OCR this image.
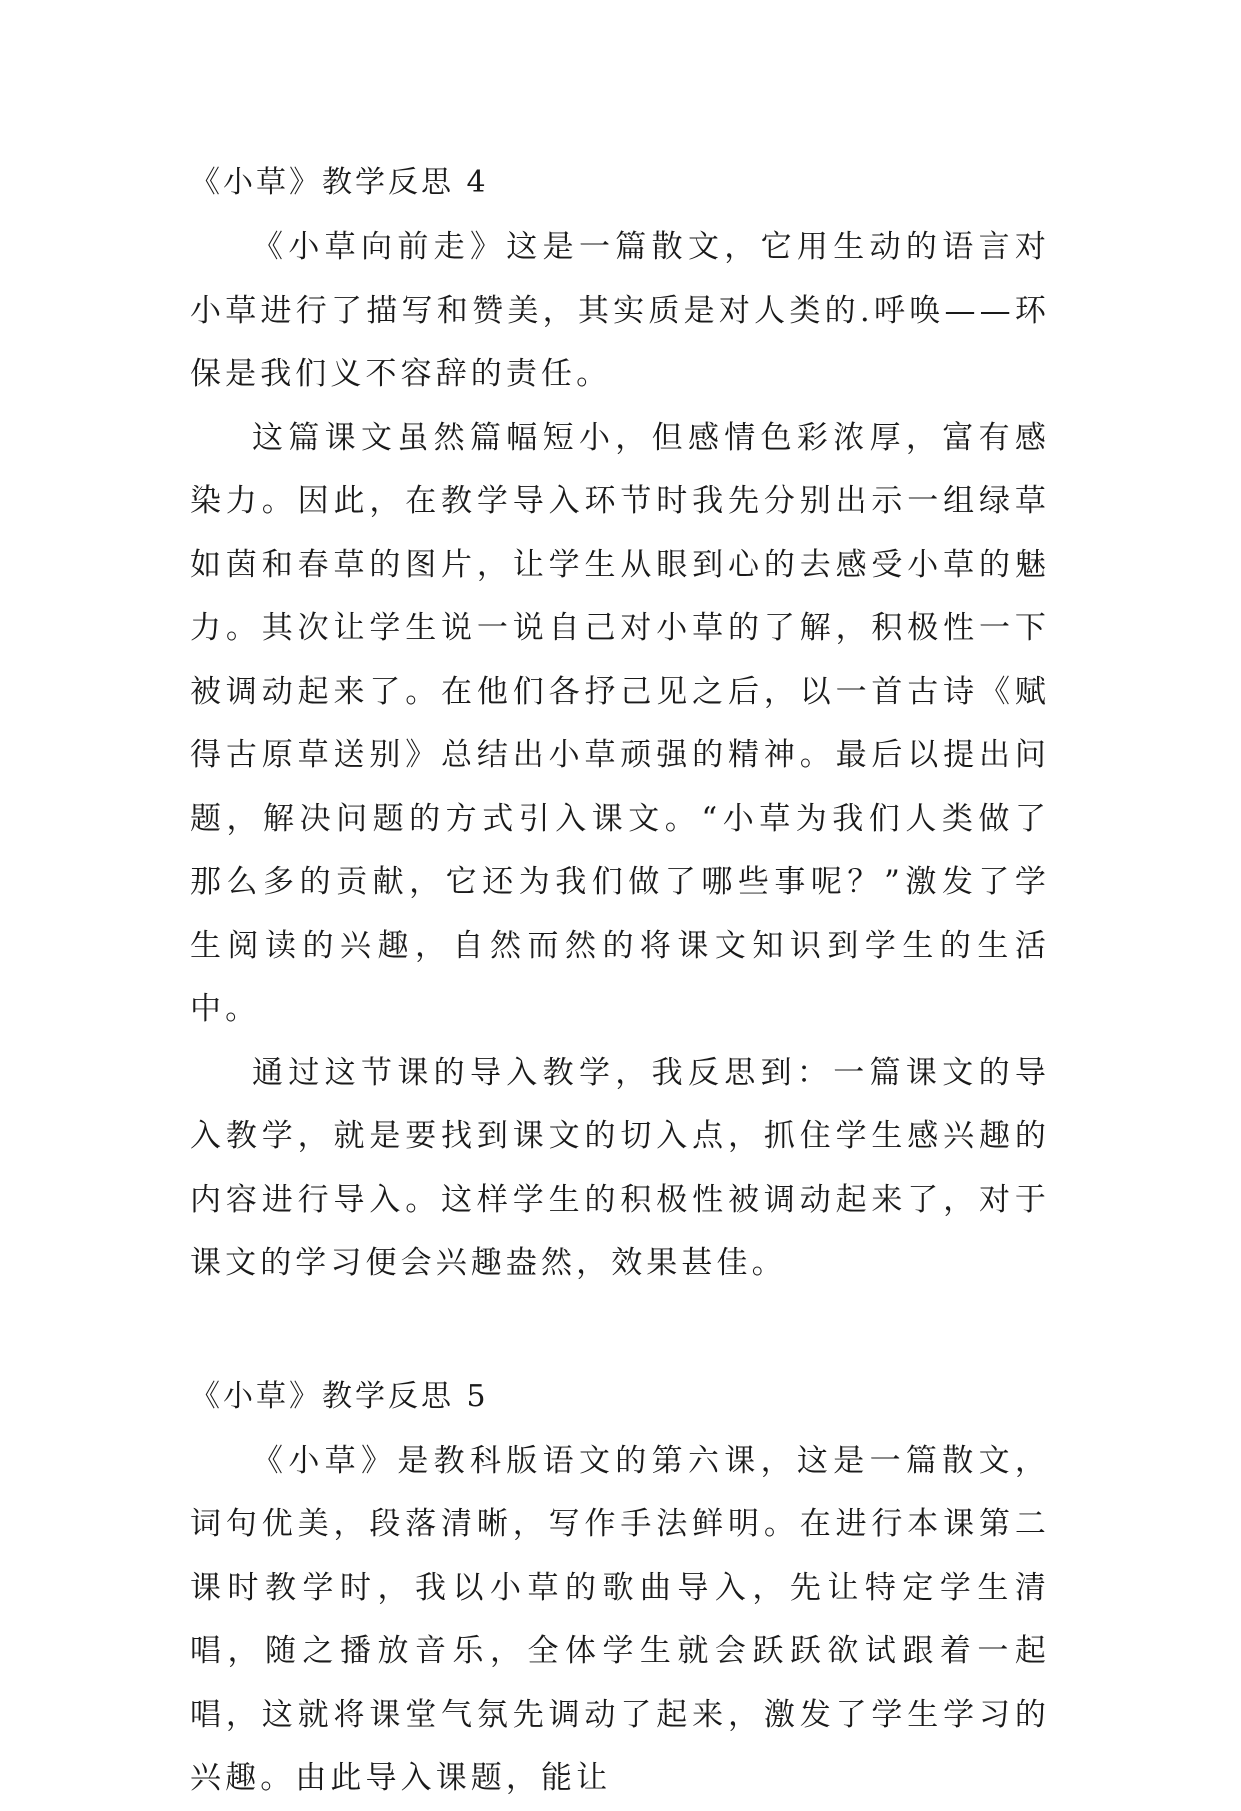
《小草》教学反思 4

《小草向前走》这是一篇散文，它用生动的语言对小草进行了描写和赞美，其实质是对人类的.呼唤——环保是我们义不容辞的责任。

这篇课文虽然篇幅短小，但感情色彩浓厚，富有感染力。因此，在教学导入环节时我先分别出示一组绿草如茵和春草的图片，让学生从眼到心的去感受小草的魅力。其次让学生说一说自己对小草的了解，积极性一下被调动起来了。在他们各抒己见之后，以一首古诗《赋得古原草送别》总结出小草顽强的精神。最后以提出问题，解决问题的方式引入课文。“小草为我们人类做了那么多的贡献，它还为我们做了哪些事呢？”激发了学生阅读的兴趣，自然而然的将课文知识到学生的生活中。

通过这节课的导入教学，我反思到：一篇课文的导入教学，就是要找到课文的切入点，抓住学生感兴趣的内容进行导入。这样学生的积极性被调动起来了，对于课文的学习便会兴趣盎然，效果甚佳。

《小草》教学反思 5

《小草》是教科版语文的第六课，这是一篇散文，词句优美，段落清晰，写作手法鲜明。在进行本课第二课时教学时，我以小草的歌曲导入，先让特定学生清唱，随之播放音乐，全体学生就会跃跃欲试跟着一起唱，这就将课堂气氛先调动了起来，激发了学生学习的兴趣。由此导入课题，能让
